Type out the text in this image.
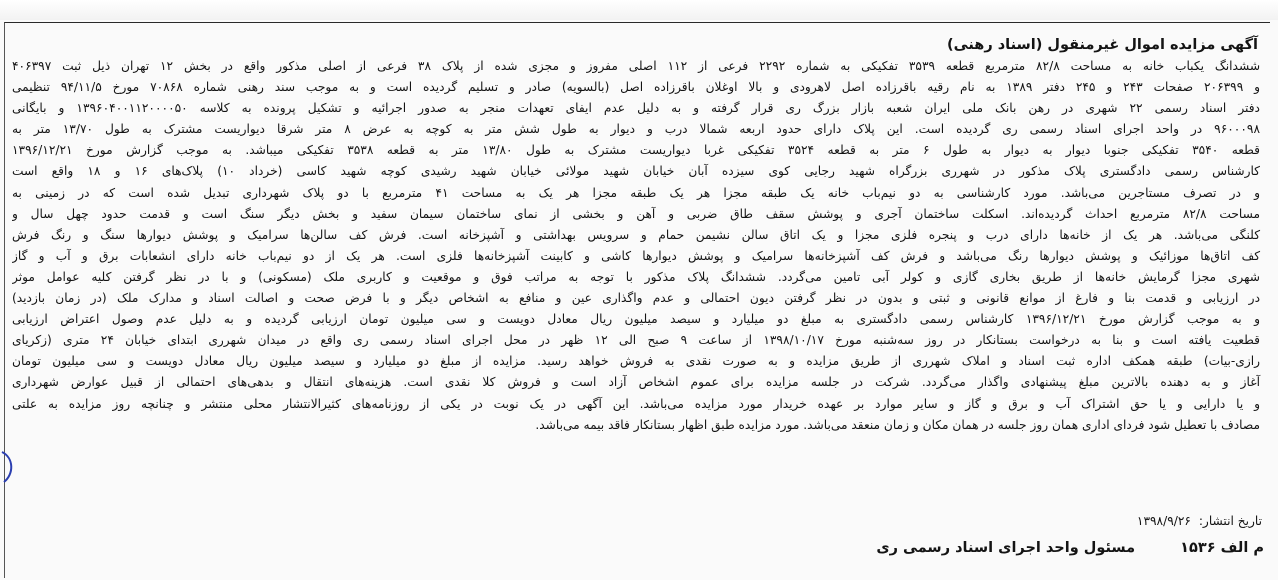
آگهی مزایده اموال غیرمنقول (اسناد رهنی)
ششدانگ یکباب خانه به مساحت ۸۲/۸ مترمربع قطعه ۳۵۳۹ تفکیکی به شماره ۲۲۹۲ فرعی از ۱۱۲ اصلی مفروز و مجزی شده از پلاک ۳۸ فرعی از اصلی مذکور واقع در بخش ۱۲ تهران ذیل ثبت ۴۰۶۳۹۷
و ۲۰۶۳۹۹ صفحات ۲۴۳ و ۲۴۵ دفتر ۱۳۸۹ به نام رقیه باقرزاده اصل لاهرودی و بالا اوغلان باقرزاده اصل (بالسویه) صادر و تسلیم گردیده است و به موجب سند رهنی شماره ۷۰۸۶۸ مورخ ۹۴/۱۱/۵ تنظیمی
دفتر اسناد رسمی ۲۲ شهری در رهن بانک ملی ایران شعبه بازار بزرگ ری قرار گرفته و به دلیل عدم ایفای تعهدات منجر به صدور اجرائیه و تشکیل پرونده به کلاسه ۱۳۹۶۰۴۰۰۱۱۲۰۰۰۰۵۰ و بایگانی
۹۶۰۰۰۹۸ در واحد اجرای اسناد رسمی ری گردیده است. این پلاک دارای حدود اربعه شمالا درب و دیوار به طول شش متر به کوچه به عرض ۸ متر شرقا دیواریست مشترک به طول ۱۳/۷۰ متر به
قطعه ۳۵۴۰ تفکیکی جنوبا دیوار به دیوار به طول ۶ متر به قطعه ۳۵۲۴ تفکیکی غربا دیواریست مشترک به طول ۱۳/۸۰ متر به قطعه ۳۵۳۸ تفکیکی میباشد. به موجب گزارش مورخ ۱۳۹۶/۱۲/۲۱
کارشناس رسمی دادگستری پلاک مذکور در شهرری بزرگراه شهید رجایی کوی سیزده آبان خیابان شهید مولائی خیابان شهید رشیدی کوچه شهید کاسی (خرداد ۱۰) پلاک‌های ۱۶ و ۱۸ واقع است
و در تصرف مستاجرین می‌باشد. مورد کارشناسی به دو نیم‌باب خانه یک طبقه مجزا هر یک طبقه مجزا هر یک به مساحت ۴۱ مترمربع با دو پلاک شهرداری تبدیل شده است که در زمینی به
مساحت ۸۲/۸ مترمربع احداث گردیده‌اند. اسکلت ساختمان آجری و پوشش سقف طاق ضربی و آهن و بخشی از نمای ساختمان سیمان سفید و بخش دیگر سنگ است و قدمت حدود چهل سال و
کلنگی می‌باشد. هر یک از خانه‌ها دارای درب و پنجره فلزی مجزا و یک اتاق سالن نشیمن حمام و سرویس بهداشتی و آشپزخانه است. فرش کف سالن‌ها سرامیک و پوشش دیوارها سنگ و رنگ فرش
کف اتاق‌ها موزائیک و پوشش دیوارها رنگ می‌باشد و فرش کف آشپزخانه‌ها سرامیک و پوشش دیوارها کاشی و کابینت آشپزخانه‌ها فلزی است. هر یک از دو نیم‌باب خانه دارای انشعابات برق و آب و گاز
شهری مجزا گرمایش خانه‌ها از طریق بخاری گازی و کولر آبی تامین می‌گردد. ششدانگ پلاک مذکور با توجه به مراتب فوق و موقعیت و کاربری ملک (مسکونی) و با در نظر گرفتن کلیه عوامل موثر
در ارزیابی و قدمت بنا و فارغ از موانع قانونی و ثبتی و بدون در نظر گرفتن دیون احتمالی و عدم واگذاری عین و منافع به اشخاص دیگر و با فرض صحت و اصالت اسناد و مدارک ملک (در زمان بازدید)
و به موجب گزارش مورخ ۱۳۹۶/۱۲/۲۱ کارشناس رسمی دادگستری به مبلغ دو میلیارد و سیصد میلیون ریال معادل دویست و سی میلیون تومان ارزیابی گردیده و به دلیل عدم وصول اعتراض ارزیابی
قطعیت یافته است و بنا به درخواست بستانکار در روز سه‌شنبه مورخ ۱۳۹۸/۱۰/۱۷ از ساعت ۹ صبح الی ۱۲ ظهر در محل اجرای اسناد رسمی ری واقع در میدان شهرری ابتدای خیابان ۲۴ متری (زکریای
رازی-بیات) طبقه همکف اداره ثبت اسناد و املاک شهرری از طریق مزایده و به صورت نقدی به فروش خواهد رسید. مزایده از مبلغ دو میلیارد و سیصد میلیون ریال معادل دویست و سی میلیون تومان
آغاز و به دهنده بالاترین مبلغ پیشنهادی واگذار می‌گردد. شرکت در جلسه مزایده برای عموم اشخاص آزاد است و فروش کلا نقدی است. هزینه‌های انتقال و بدهی‌های احتمالی از قبیل عوارض شهرداری
و یا دارایی و یا حق اشتراک آب و برق و گاز و سایر موارد بر عهده خریدار مورد مزایده می‌باشد. این آگهی در یک نوبت در یکی از روزنامه‌های کثیرالانتشار محلی منتشر و چنانچه روز مزایده به علتی
مصادف با تعطیل شود فردای اداری همان روز جلسه در همان مکان و زمان منعقد می‌باشد. مورد مزایده طبق اظهار بستانکار فاقد بیمه می‌باشد.
تاریخ انتشار: ۱۳۹۸/۹/۲۶
م الف ۱۵۳۶ مسئول واحد اجرای اسناد رسمی ری
